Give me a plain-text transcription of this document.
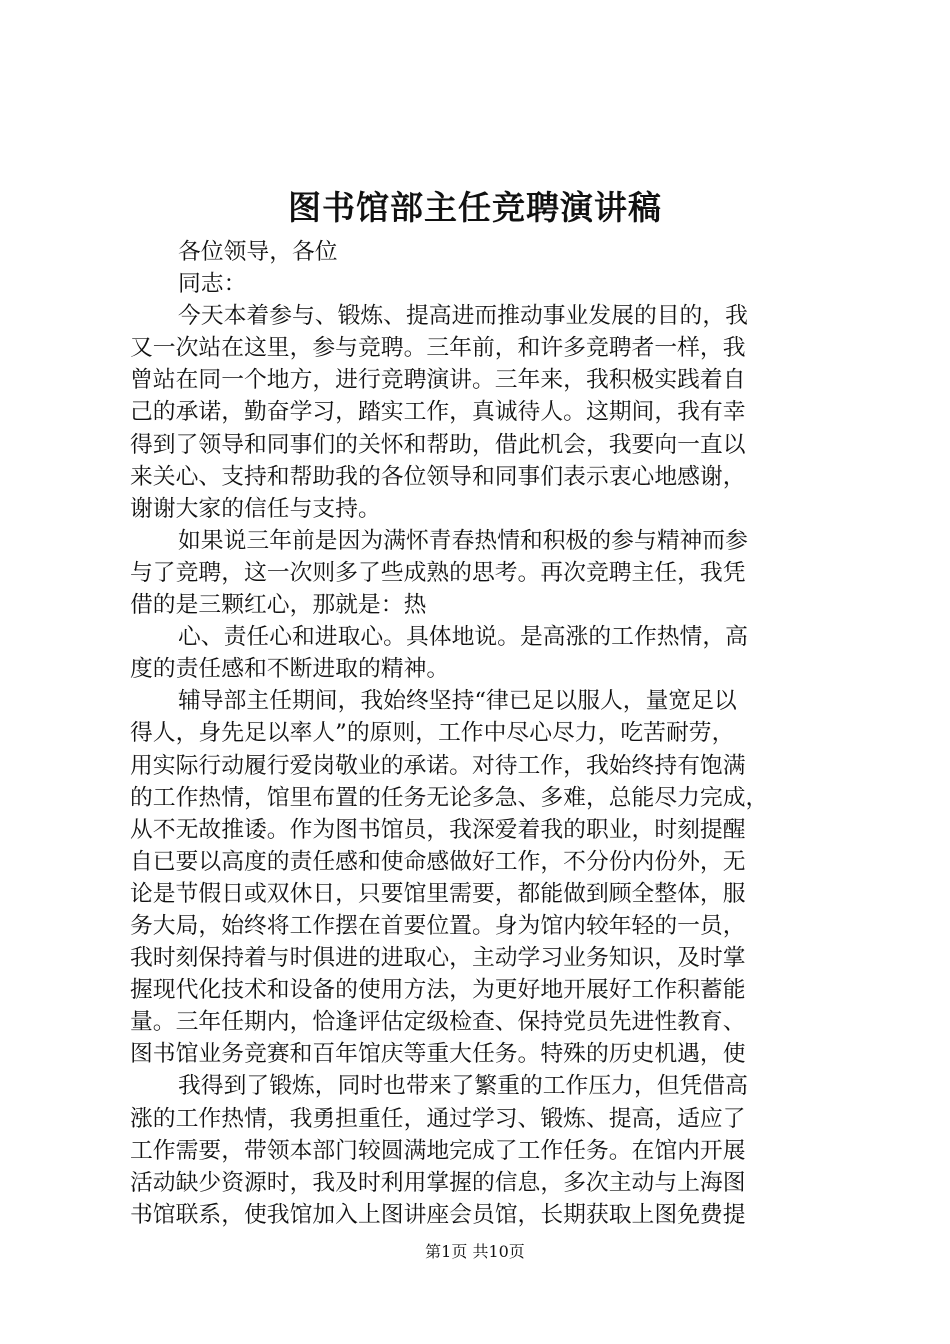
图书馆部主任竞聘演讲稿
各位领导，各位
同志：
今天本着参与、锻炼、提高进而推动事业发展的目的，我
又一次站在这里，参与竞聘。三年前，和许多竞聘者一样，我
曾站在同一个地方，进行竞聘演讲。三年来，我积极实践着自
己的承诺，勤奋学习，踏实工作，真诚待人。这期间，我有幸
得到了领导和同事们的关怀和帮助，借此机会，我要向一直以
来关心、支持和帮助我的各位领导和同事们表示衷心地感谢，
谢谢大家的信任与支持。
如果说三年前是因为满怀青春热情和积极的参与精神而参
与了竞聘，这一次则多了些成熟的思考。再次竞聘主任，我凭
借的是三颗红心，那就是：热
心、责任心和进取心。具体地说。是高涨的工作热情，高
度的责任感和不断进取的精神。
辅导部主任期间，我始终坚持“律已足以服人，量宽足以
得人，身先足以率人”的原则，工作中尽心尽力，吃苦耐劳，
用实际行动履行爱岗敬业的承诺。对待工作，我始终持有饱满
的工作热情，馆里布置的任务无论多急、多难，总能尽力完成，
从不无故推诿。作为图书馆员，我深爱着我的职业，时刻提醒
自已要以高度的责任感和使命感做好工作，不分份内份外，无
论是节假日或双休日，只要馆里需要，都能做到顾全整体，服
务大局，始终将工作摆在首要位置。身为馆内较年轻的一员，
我时刻保持着与时俱进的进取心，主动学习业务知识，及时掌
握现代化技术和设备的使用方法，为更好地开展好工作积蓄能
量。三年任期内，恰逢评估定级检查、保持党员先进性教育、
图书馆业务竞赛和百年馆庆等重大任务。特殊的历史机遇，使
我得到了锻炼，同时也带来了繁重的工作压力，但凭借高
涨的工作热情，我勇担重任，通过学习、锻炼、提高，适应了
工作需要，带领本部门较圆满地完成了工作任务。在馆内开展
活动缺少资源时，我及时利用掌握的信息，多次主动与上海图
书馆联系，使我馆加入上图讲座会员馆，长期获取上图免费提
第1页 共10页
